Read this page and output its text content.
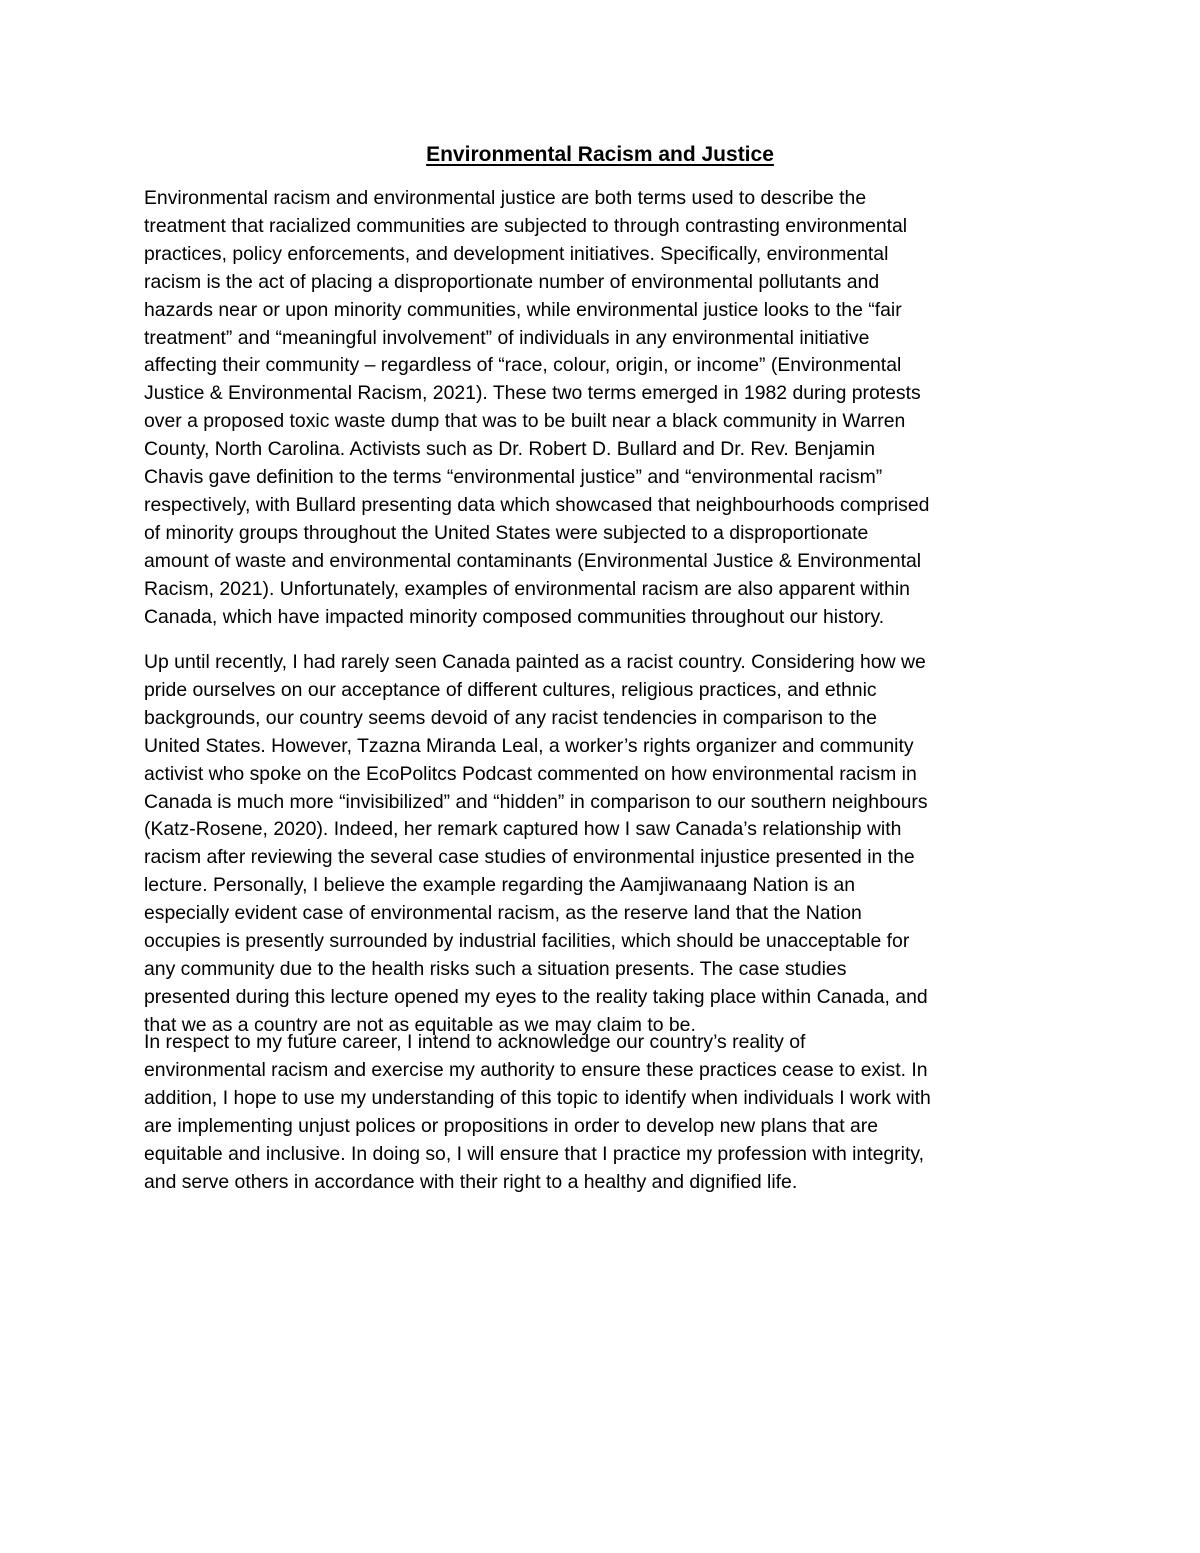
Environmental Racism and Justice
Environmental racism and environmental justice are both terms used to describe the
treatment that racialized communities are subjected to through contrasting environmental
practices, policy enforcements, and development initiatives. Specifically, environmental
racism is the act of placing a disproportionate number of environmental pollutants and
hazards near or upon minority communities, while environmental justice looks to the “fair
treatment” and “meaningful involvement” of individuals in any environmental initiative
affecting their community – regardless of “race, colour, origin, or income” (Environmental
Justice & Environmental Racism, 2021). These two terms emerged in 1982 during protests
over a proposed toxic waste dump that was to be built near a black community in Warren
County, North Carolina. Activists such as Dr. Robert D. Bullard and Dr. Rev. Benjamin
Chavis gave definition to the terms “environmental justice” and “environmental racism”
respectively, with Bullard presenting data which showcased that neighbourhoods comprised
of minority groups throughout the United States were subjected to a disproportionate
amount of waste and environmental contaminants (Environmental Justice & Environmental
Racism, 2021). Unfortunately, examples of environmental racism are also apparent within
Canada, which have impacted minority composed communities throughout our history.
Up until recently, I had rarely seen Canada painted as a racist country. Considering how we
pride ourselves on our acceptance of different cultures, religious practices, and ethnic
backgrounds, our country seems devoid of any racist tendencies in comparison to the
United States. However, Tzazna Miranda Leal, a worker’s rights organizer and community
activist who spoke on the EcoPolitcs Podcast commented on how environmental racism in
Canada is much more “invisibilized” and “hidden” in comparison to our southern neighbours
(Katz-Rosene, 2020). Indeed, her remark captured how I saw Canada’s relationship with
racism after reviewing the several case studies of environmental injustice presented in the
lecture. Personally, I believe the example regarding the Aamjiwanaang Nation is an
especially evident case of environmental racism, as the reserve land that the Nation
occupies is presently surrounded by industrial facilities, which should be unacceptable for
any community due to the health risks such a situation presents. The case studies
presented during this lecture opened my eyes to the reality taking place within Canada, and
that we as a country are not as equitable as we may claim to be.
In respect to my future career, I intend to acknowledge our country’s reality of
environmental racism and exercise my authority to ensure these practices cease to exist. In
addition, I hope to use my understanding of this topic to identify when individuals I work with
are implementing unjust polices or propositions in order to develop new plans that are
equitable and inclusive. In doing so, I will ensure that I practice my profession with integrity,
and serve others in accordance with their right to a healthy and dignified life.
